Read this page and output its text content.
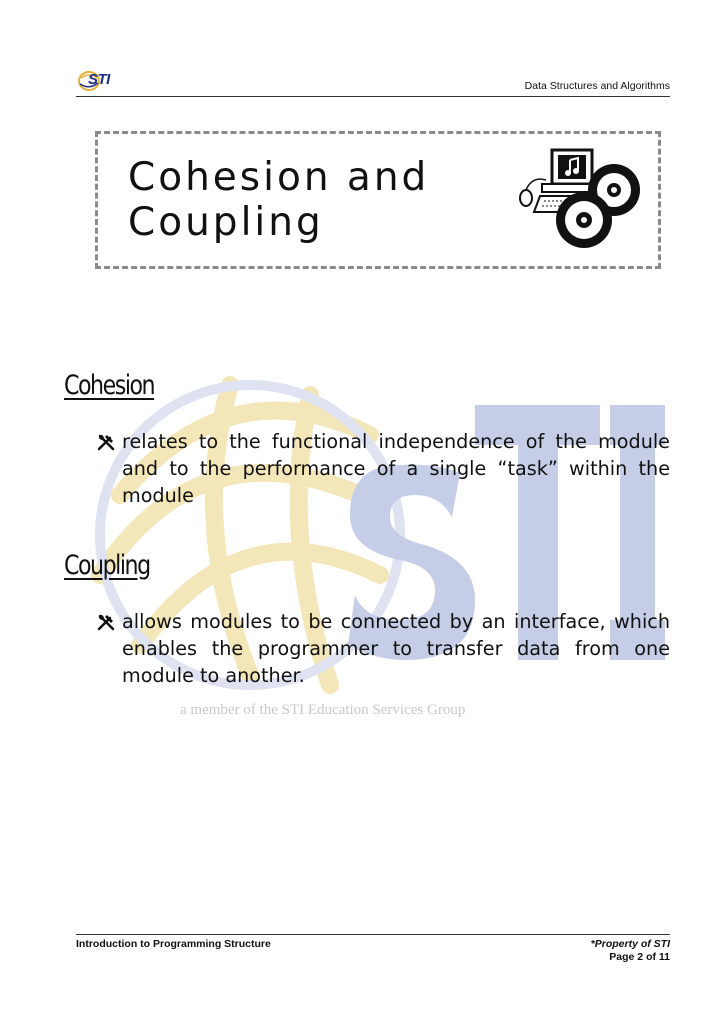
STI	Data Structures and Algorithms
a member of the STI Education Services Group
Cohesion and
Coupling
Cohesion
relates to the functional independence of the module and to the performance of a single “task” within the module
Coupling
allows modules to be connected by an interface, which enables the programmer to transfer data from one module to another.
Introduction to Programming Structure	*Property of STI
Page 2 of 11
